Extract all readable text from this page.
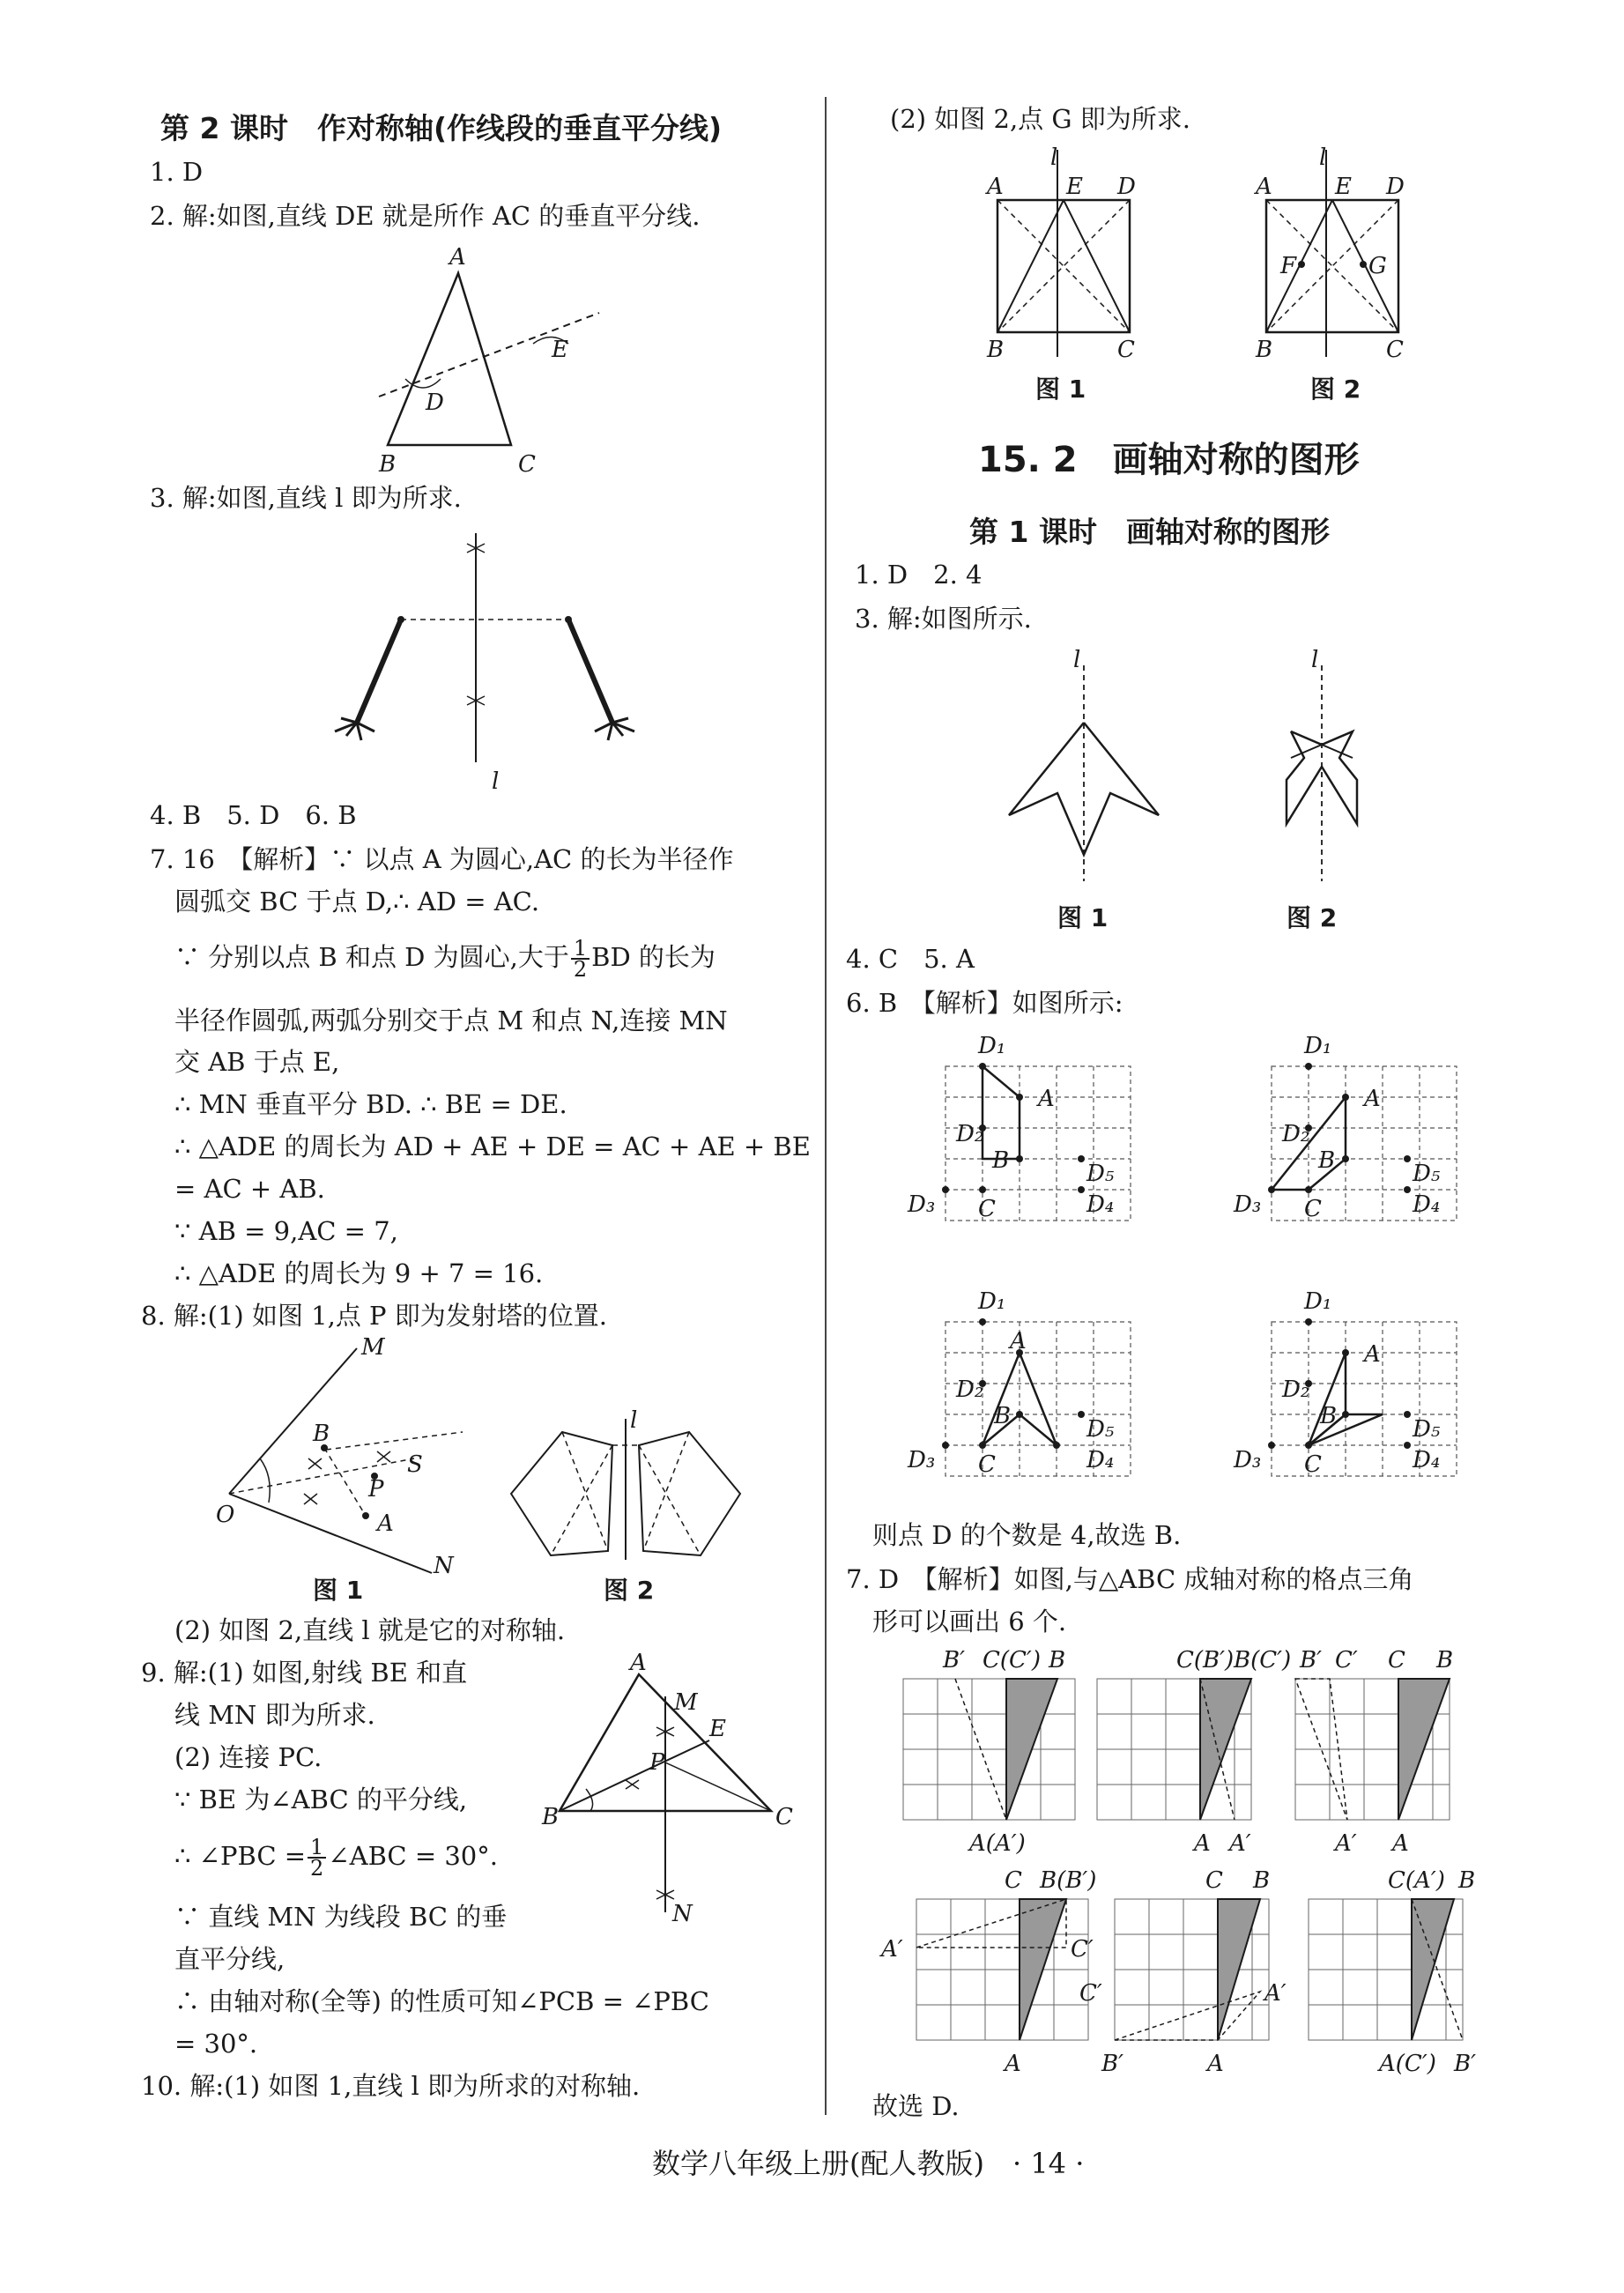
第 2 课时　作对称轴(作线段的垂直平分线)
1. D
2. 解:如图,直线 DE 就是所作 AC 的垂直平分线.
A
B	C
D
E
3. 解:如图,直线 l 即为所求.
l
4. B　5. D　6. B
7. 16　【解析】∵ 以点 A 为圆心,AC 的长为半径作
圆弧交 BC 于点 D,∴ AD = AC.
∵ 分别以点 B 和点 D 为圆心,大于 $\frac{1}{2}$ BD 的长为
半径作圆弧,两弧分别交于点 M 和点 N,连接 MN
交 AB 于点 E,
∴ MN 垂直平分 BD. ∴ BE = DE.
∴ △ADE 的周长为 AD + AE + DE = AC + AE + BE
= AC + AB.
∵ AB = 9,AC = 7,
∴ △ADE 的周长为 9 + 7 = 16.
8. 解:(1) 如图 1,点 P 即为发射塔的位置.
M
B
S
P
A
O
N
l
图 1	图 2
(2) 如图 2,直线 l 就是它的对称轴.
9. 解:(1) 如图,射线 BE 和直
线 MN 即为所求.
(2) 连接 PC.
∵ BE 为∠ABC 的平分线,
∴ ∠PBC = $\frac{1}{2}$ ∠ABC = 30°.
A
M
E
P
B	C
N
∵ 直线 MN 为线段 BC 的垂
直平分线,
∴ 由轴对称(全等) 的性质可知∠PCB = ∠PBC
= 30°.
10. 解:(1) 如图 1,直线 l 即为所求的对称轴.
(2) 如图 2,点 G 即为所求.
l
A	E D
B	C
l
A	E D
F	G
B	C
图 1	图 2
15. 2　画轴对称的图形
第 1 课时　画轴对称的图形
1. D　2. 4
3. 解:如图所示.
l	l
图 1	图 2
4. C　5. A
6. B　【解析】如图所示:
D₁
A
D₂
B	D₅
D₃ C	D₄
D₁
A
D₂
B	D₅
D₃ C	D₄
D₁
A
D₂
B	D₅
D₃ C	D₄
D₁
A
D₂
B	D₅
D₃ C	D₄
则点 D 的个数是 4,故选 B.
7. D　【解析】如图,与△ABC 成轴对称的格点三角
形可以画出 6 个.
B′ C(C′) B
A(A′)
C(B′) B(C′)
A A′
B′ C′ C B
A′ A
C B(B′)
A′	C′
A
C B
C′	A′
B′	A
C(A′) B
A(C′) B′
故选 D.
数学八年级上册(配人教版)　· 14 ·
